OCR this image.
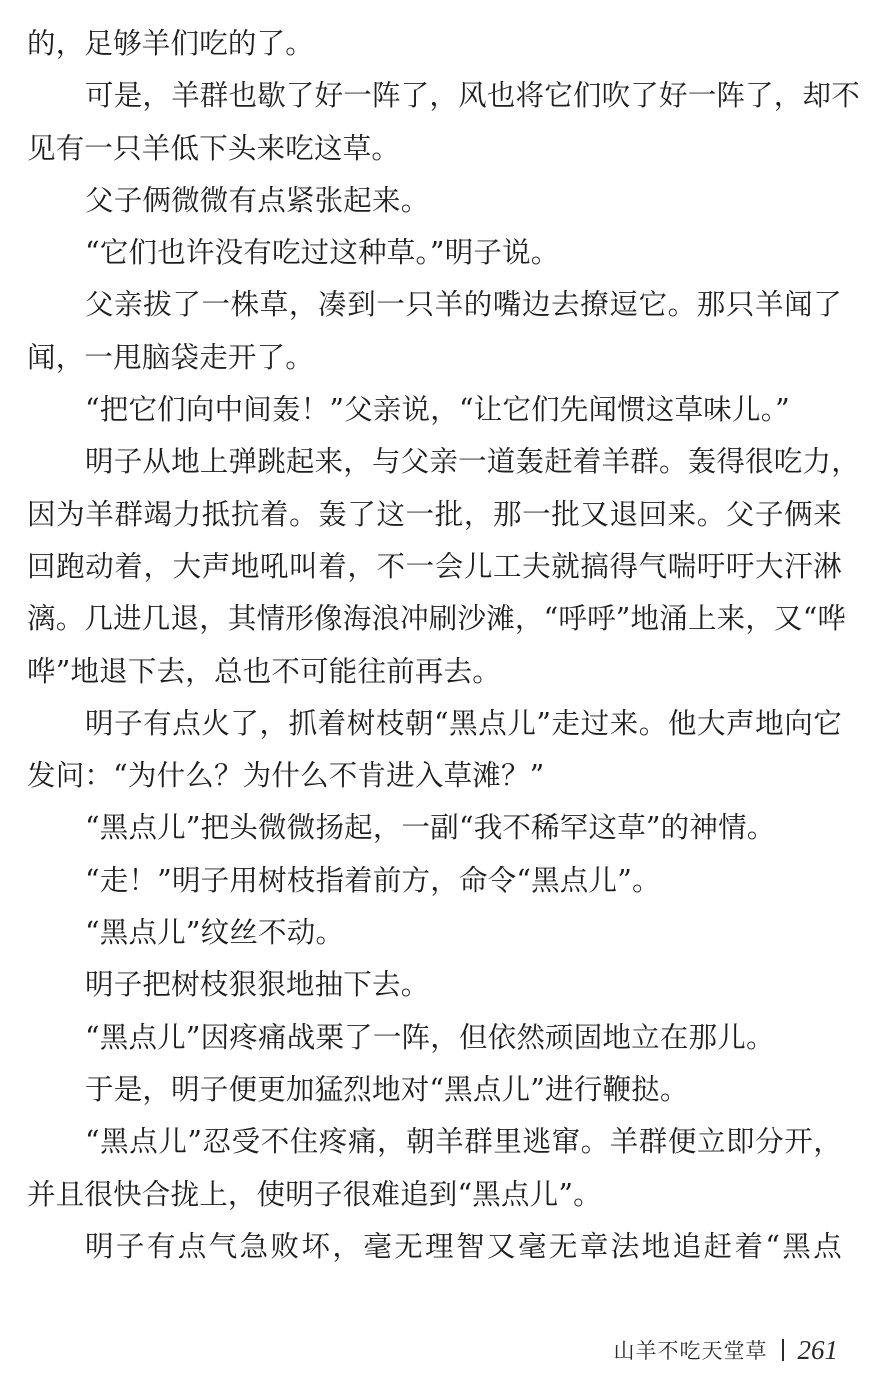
的，足够羊们吃的了。
可是，羊群也歇了好一阵了，风也将它们吹了好一阵了，却不
见有一只羊低下头来吃这草。
父子俩微微有点紧张起来。
“它们也许没有吃过这种草。”明子说。
父亲拔了一株草，凑到一只羊的嘴边去撩逗它。那只羊闻了
闻，一甩脑袋走开了。
“把它们向中间轰！”父亲说，“让它们先闻惯这草味儿。”
明子从地上弹跳起来，与父亲一道轰赶着羊群。轰得很吃力，
因为羊群竭力抵抗着。轰了这一批，那一批又退回来。父子俩来
回跑动着，大声地吼叫着，不一会儿工夫就搞得气喘吁吁大汗淋
漓。几进几退，其情形像海浪冲刷沙滩，“呼呼”地涌上来，又“哗
哗”地退下去，总也不可能往前再去。
明子有点火了，抓着树枝朝“黑点儿”走过来。他大声地向它
发问：“为什么？为什么不肯进入草滩？”
“黑点儿”把头微微扬起，一副“我不稀罕这草”的神情。
“走！”明子用树枝指着前方，命令“黑点儿”。
“黑点儿”纹丝不动。
明子把树枝狠狠地抽下去。
“黑点儿”因疼痛战栗了一阵，但依然顽固地立在那儿。
于是，明子便更加猛烈地对“黑点儿”进行鞭挞。
“黑点儿”忍受不住疼痛，朝羊群里逃窜。羊群便立即分开，
并且很快合拢上，使明子很难追到“黑点儿”。
明子有点气急败坏，毫无理智又毫无章法地追赶着“黑点
山羊不吃天堂草 261
